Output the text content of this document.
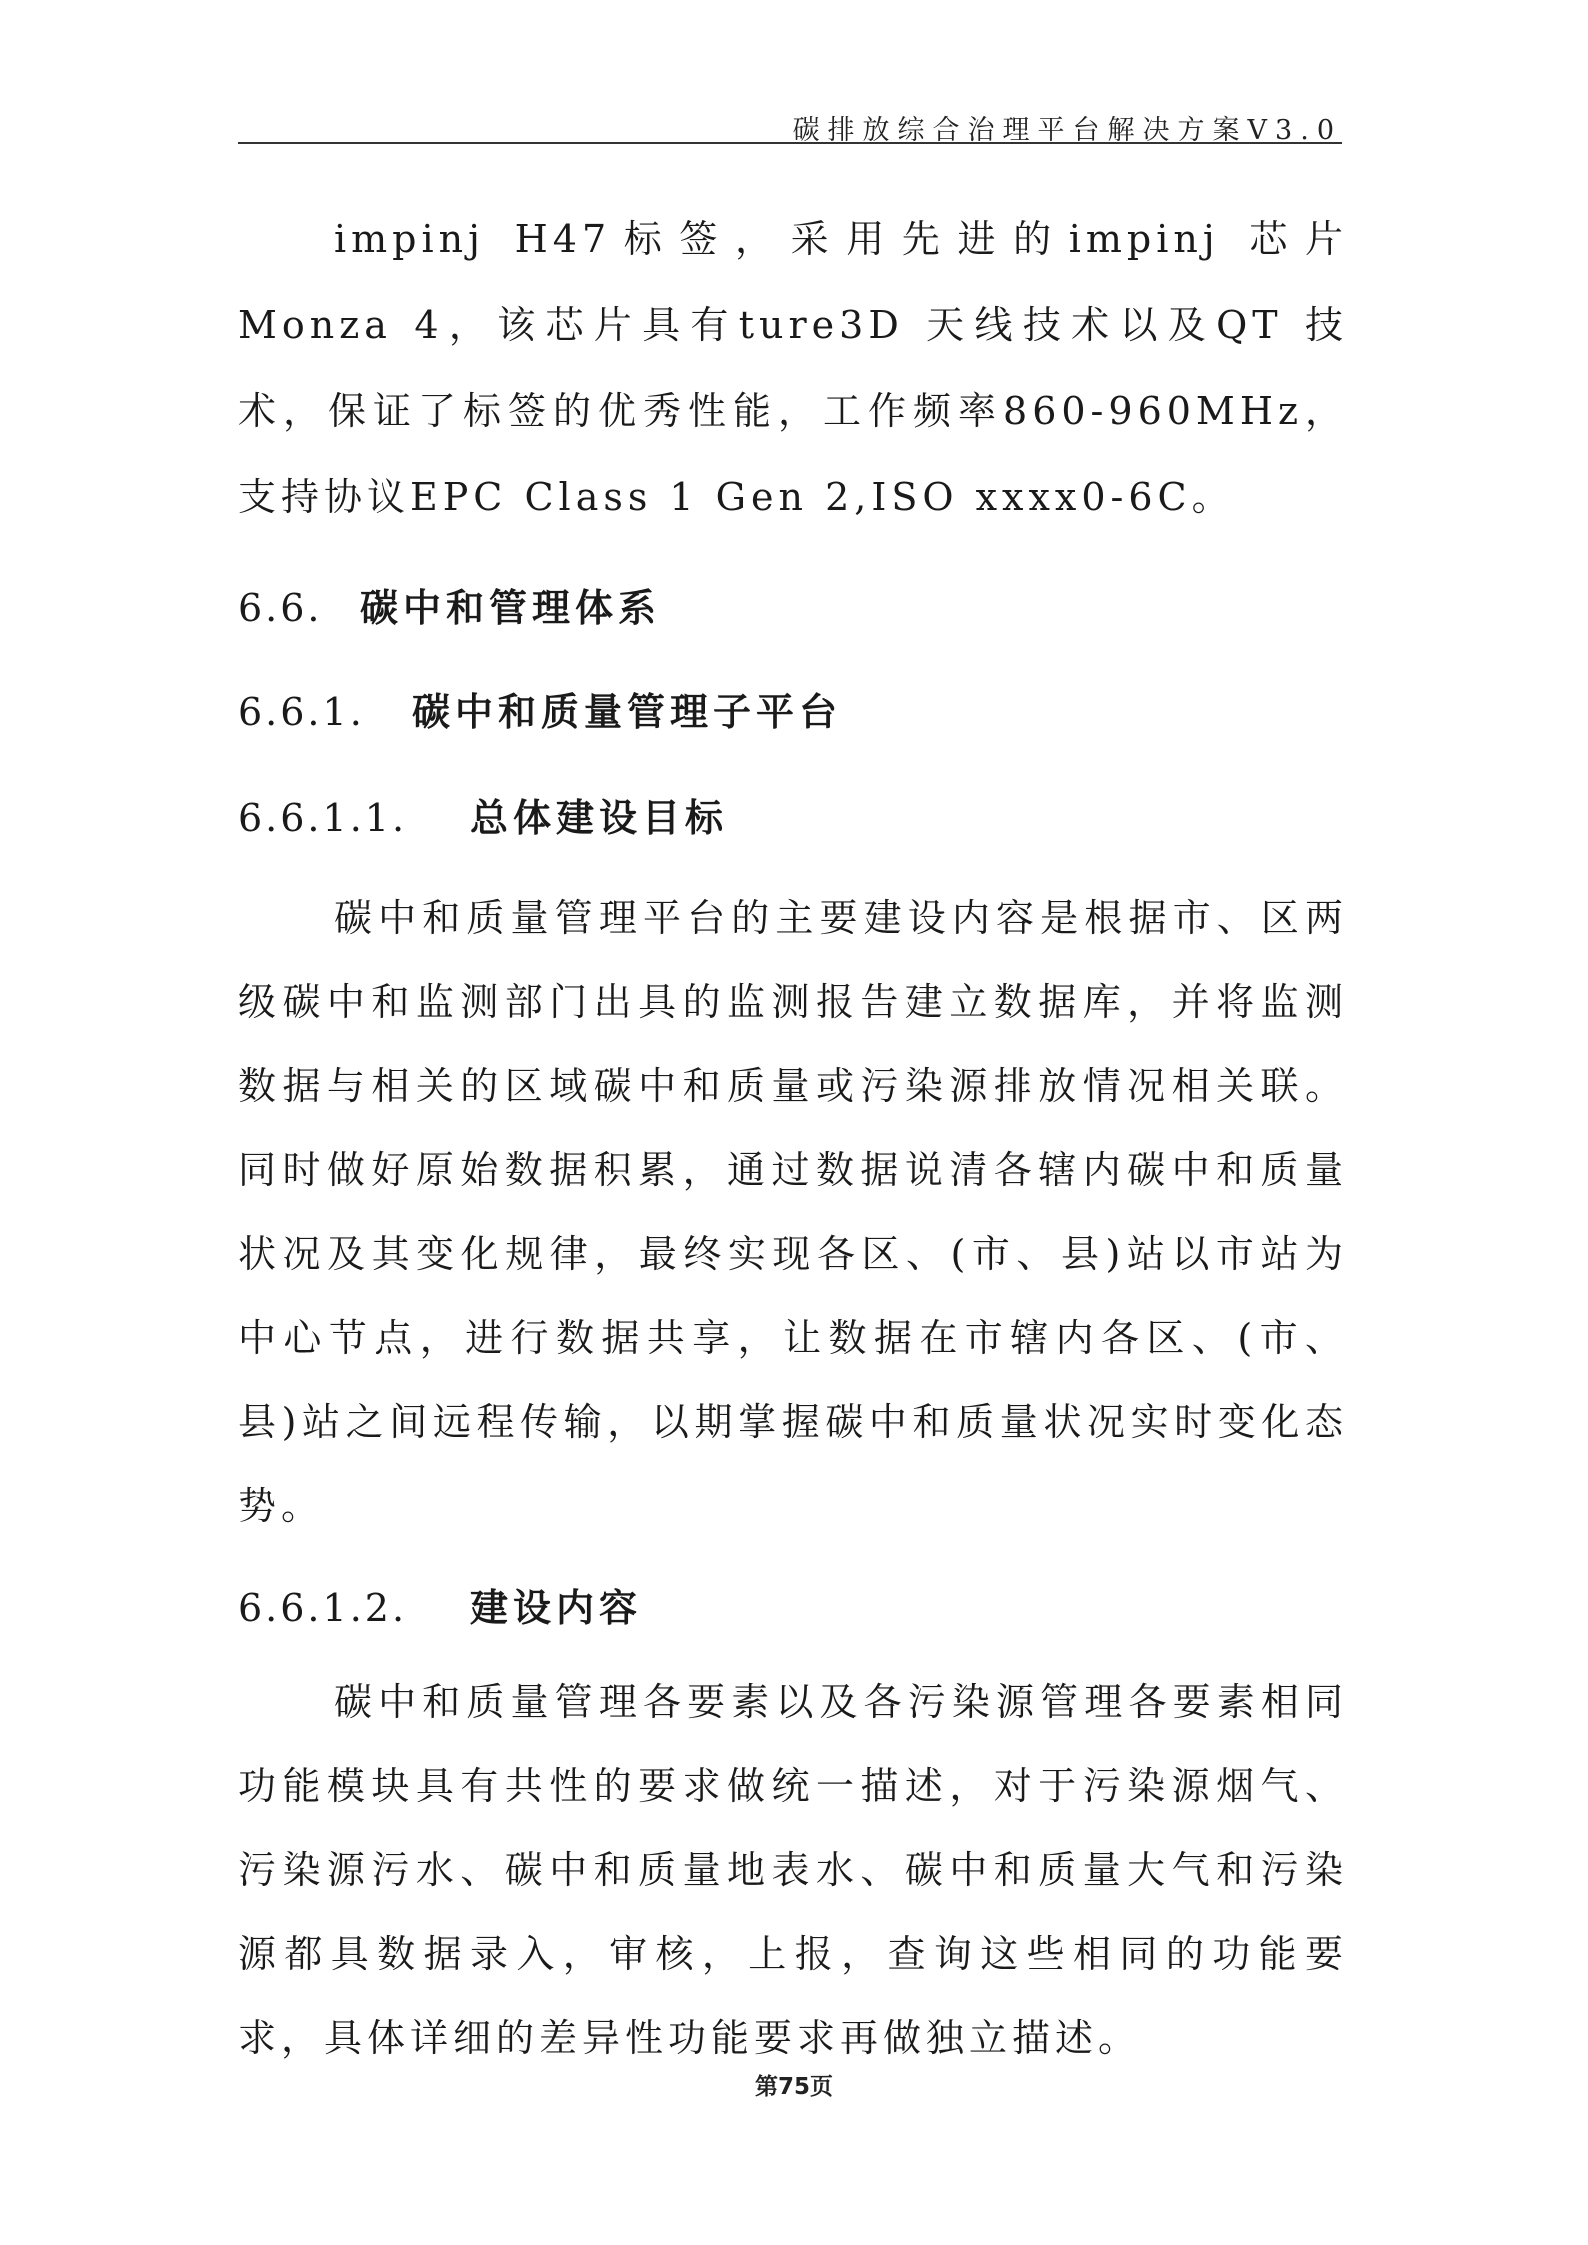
碳排放综合治理平台解决方案V3.0

impinj H47标签，采用先进的impinj 芯片Monza 4，该芯片具有ture3D 天线技术以及QT 技术，保证了标签的优秀性能，工作频率860-960MHz，支持协议EPC Class 1 Gen 2,ISO xxxx0-6C。

6.6. 碳中和管理体系
6.6.1. 碳中和质量管理子平台
6.6.1.1. 总体建设目标

碳中和质量管理平台的主要建设内容是根据市、区两级碳中和监测部门出具的监测报告建立数据库，并将监测数据与相关的区域碳中和质量或污染源排放情况相关联。同时做好原始数据积累，通过数据说清各辖内碳中和质量状况及其变化规律，最终实现各区、(市、县)站以市站为中心节点，进行数据共享，让数据在市辖内各区、(市、县)站之间远程传输，以期掌握碳中和质量状况实时变化态势。

6.6.1.2. 建设内容

碳中和质量管理各要素以及各污染源管理各要素相同功能模块具有共性的要求做统一描述，对于污染源烟气、污染源污水、碳中和质量地表水、碳中和质量大气和污染源都具数据录入，审核，上报，查询这些相同的功能要求，具体详细的差异性功能要求再做独立描述。

第75页
